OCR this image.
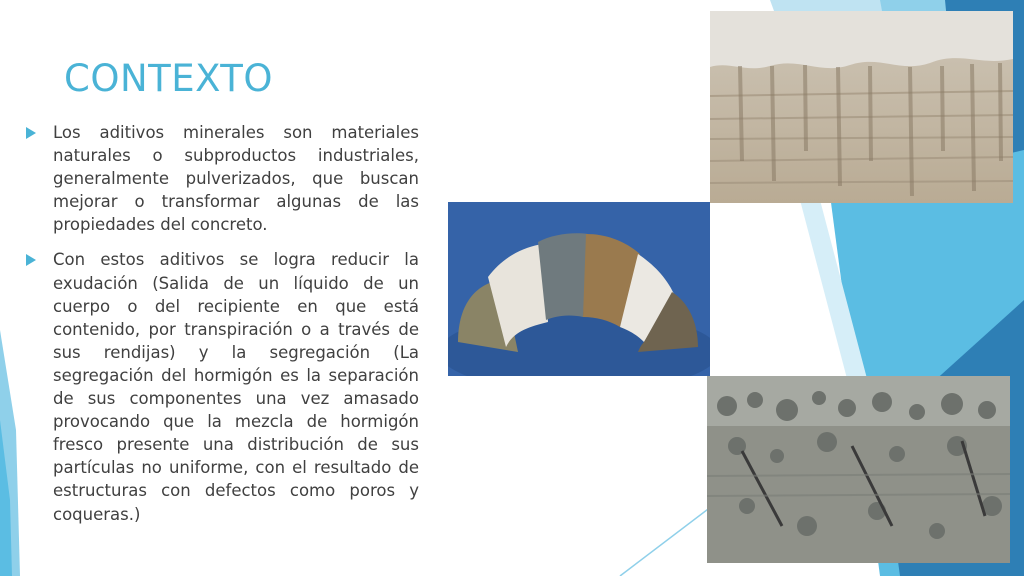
CONTEXTO
Los aditivos minerales son materiales naturales o subproductos industriales, generalmente pulverizados, que buscan mejorar o transformar algunas de las propiedades del concreto.
Con estos aditivos se logra reducir la exudación (Salida de un líquido de un cuerpo o del recipiente en que está contenido, por transpiración o a través de sus rendijas) y la segregación (La segregación del hormigón es la separación de sus componentes una vez amasado provocando que la mezcla de hormigón fresco presente una distribución de sus partículas no uniforme, con el resultado de estructuras con defectos como poros y coqueras.)
